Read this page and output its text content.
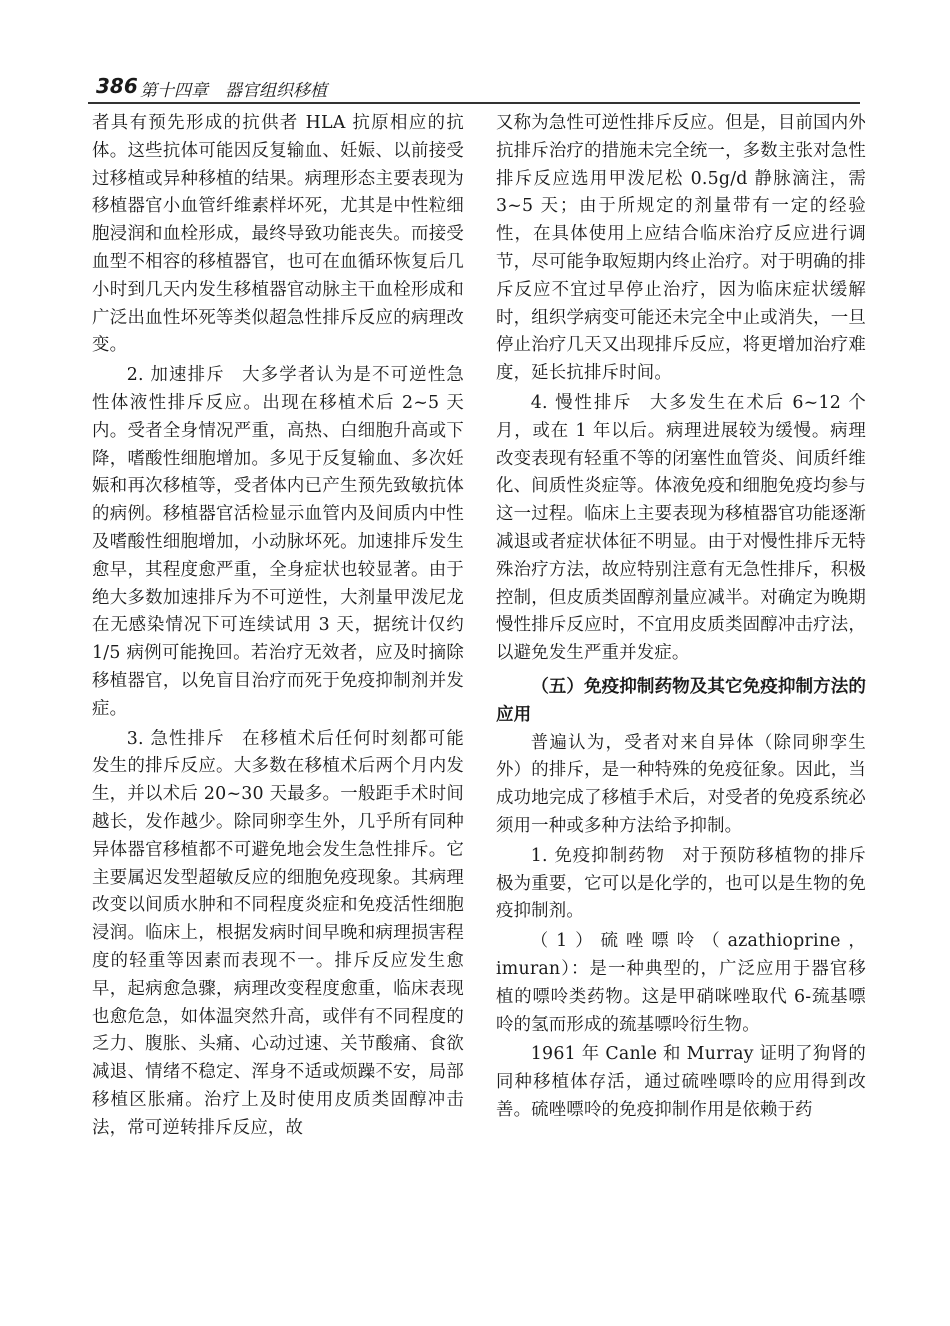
386 第十四章　器官组织移植

者具有预先形成的抗供者 HLA 抗原相应的抗体。这些抗体可能因反复输血、妊娠、以前接受过移植或异种移植的结果。病理形态主要表现为移植器官小血管纤维素样坏死，尤其是中性粒细胞浸润和血栓形成，最终导致功能丧失。而接受血型不相容的移植器官，也可在血循环恢复后几小时到几天内发生移植器官动脉主干血栓形成和广泛出血性坏死等类似超急性排斥反应的病理改变。

2. 加速排斥 大多学者认为是不可逆性急性体液性排斥反应。出现在移植术后 2~5 天内。受者全身情况严重，高热、白细胞升高或下降，嗜酸性细胞增加。多见于反复输血、多次妊娠和再次移植等，受者体内已产生预先致敏抗体的病例。移植器官活检显示血管内及间质内中性及嗜酸性细胞增加，小动脉坏死。加速排斥发生愈早，其程度愈严重，全身症状也较显著。由于绝大多数加速排斥为不可逆性，大剂量甲泼尼龙在无感染情况下可连续试用 3 天，据统计仅约 1/5 病例可能挽回。若治疗无效者，应及时摘除移植器官，以免盲目治疗而死于免疫抑制剂并发症。

3. 急性排斥 在移植术后任何时刻都可能发生的排斥反应。大多数在移植术后两个月内发生，并以术后 20~30 天最多。一般距手术时间越长，发作越少。除同卵孪生外，几乎所有同种异体器官移植都不可避免地会发生急性排斥。它主要属迟发型超敏反应的细胞免疫现象。其病理改变以间质水肿和不同程度炎症和免疫活性细胞浸润。临床上，根据发病时间早晚和病理损害程度的轻重等因素而表现不一。排斥反应发生愈早，起病愈急骤，病理改变程度愈重，临床表现也愈危急，如体温突然升高，或伴有不同程度的乏力、腹胀、头痛、心动过速、关节酸痛、食欲减退、情绪不稳定、浑身不适或烦躁不安，局部移植区胀痛。治疗上及时使用皮质类固醇冲击法，常可逆转排斥反应，故

又称为急性可逆性排斥反应。但是，目前国内外抗排斥治疗的措施未完全统一，多数主张对急性排斥反应选用甲泼尼松 0.5g/d 静脉滴注，需 3~5 天；由于所规定的剂量带有一定的经验性，在具体使用上应结合临床治疗反应进行调节，尽可能争取短期内终止治疗。对于明确的排斥反应不宜过早停止治疗，因为临床症状缓解时，组织学病变可能还未完全中止或消失，一旦停止治疗几天又出现排斥反应，将更增加治疗难度，延长抗排斥时间。

4. 慢性排斥 大多发生在术后 6~12 个月，或在 1 年以后。病理进展较为缓慢。病理改变表现有轻重不等的闭塞性血管炎、间质纤维化、间质性炎症等。体液免疫和细胞免疫均参与这一过程。临床上主要表现为移植器官功能逐渐减退或者症状体征不明显。由于对慢性排斥无特殊治疗方法，故应特别注意有无急性排斥，积极控制，但皮质类固醇剂量应减半。对确定为晚期慢性排斥反应时，不宜用皮质类固醇冲击疗法，以避免发生严重并发症。

（五）免疫抑制药物及其它免疫抑制方法的应用

普遍认为，受者对来自异体（除同卵孪生外）的排斥，是一种特殊的免疫征象。因此，当成功地完成了移植手术后，对受者的免疫系统必须用一种或多种方法给予抑制。

1. 免疫抑制药物 对于预防移植物的排斥极为重要，它可以是化学的，也可以是生物的免疫抑制剂。

（1）硫唑嘌呤（azathioprine，imuran）：是一种典型的，广泛应用于器官移植的嘌呤类药物。这是甲硝咪唑取代 6-巯基嘌呤的氢而形成的巯基嘌呤衍生物。

1961 年 Canle 和 Murray 证明了狗肾的同种移植体存活，通过硫唑嘌呤的应用得到改善。硫唑嘌呤的免疫抑制作用是依赖于药
